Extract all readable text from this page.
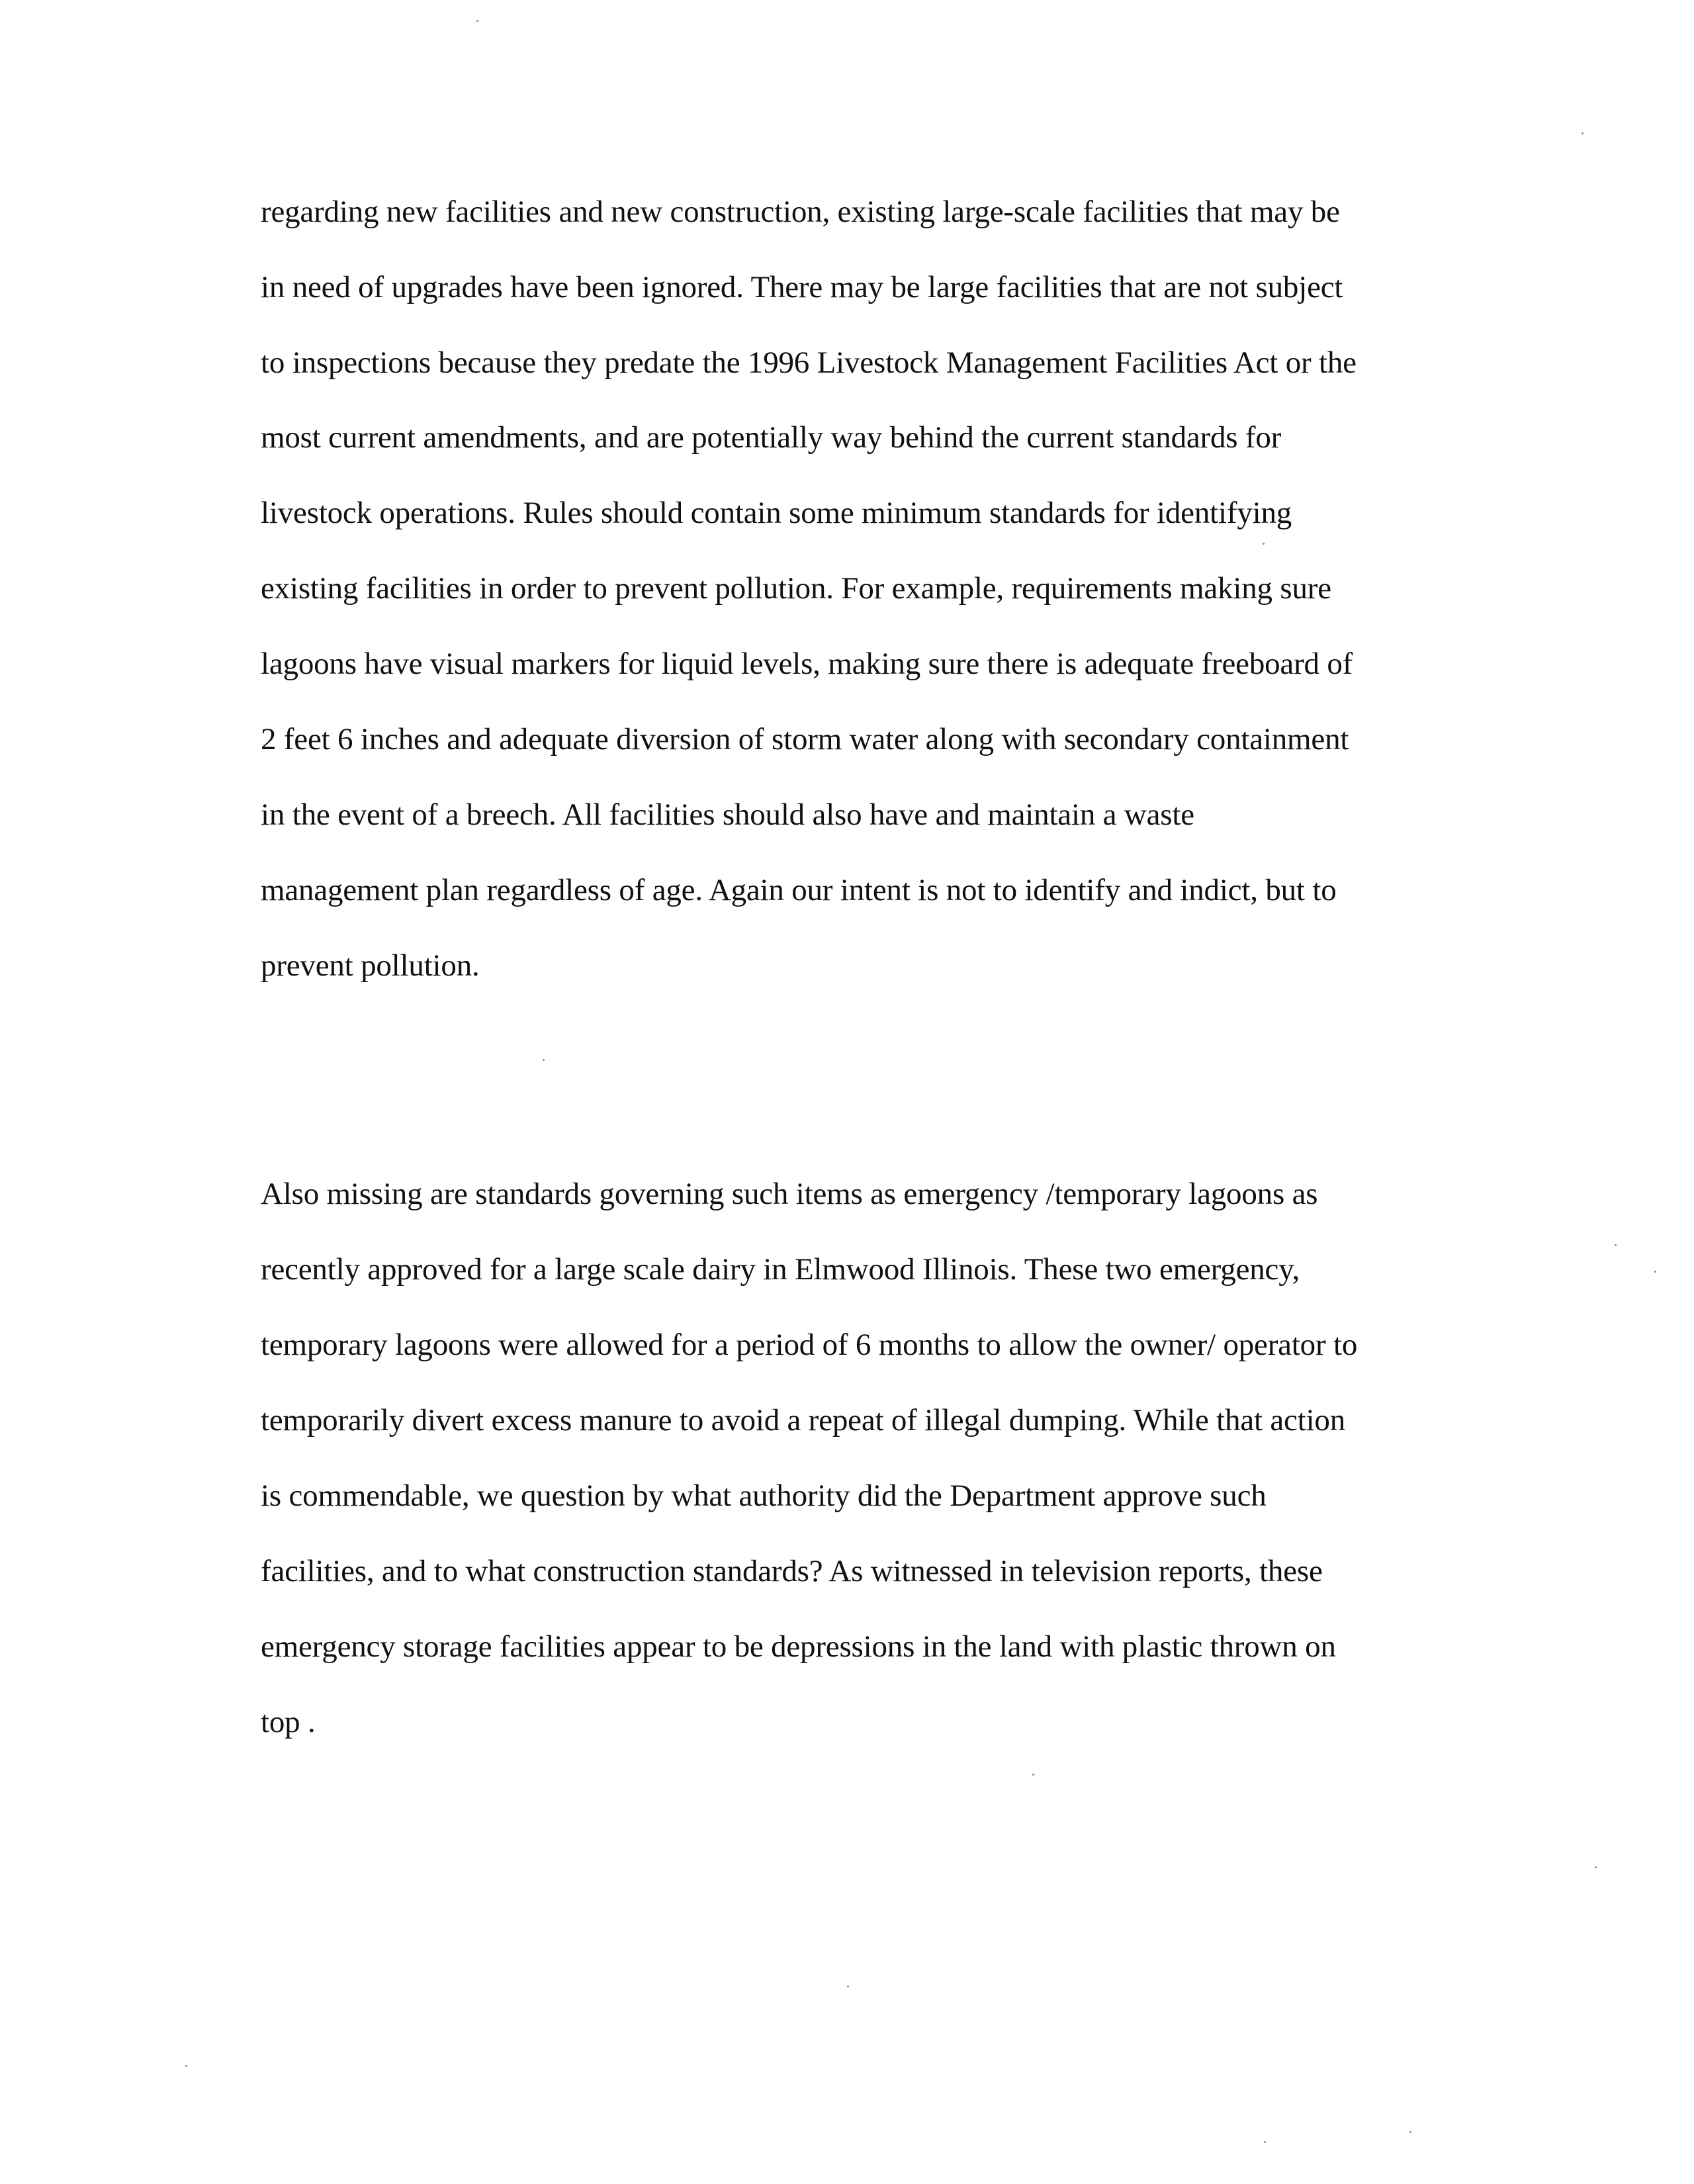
regarding new facilities and new construction, existing large-scale facilities that may be
in need of upgrades have been ignored. There may be large facilities that are not subject
to inspections because they predate the 1996 Livestock Management Facilities Act or the
most current amendments, and are potentially way behind the current standards for
livestock operations. Rules should contain some minimum standards for identifying
existing facilities in order to prevent pollution. For example, requirements making sure
lagoons have visual markers for liquid levels, making sure there is adequate freeboard of
2 feet 6 inches and adequate diversion of storm water along with secondary containment
in the event of a breech. All facilities should also have and maintain a waste
management plan regardless of age. Again our intent is not to identify and indict, but to
prevent pollution.
Also missing are standards governing such items as emergency /temporary lagoons as
recently approved for a large scale dairy in Elmwood Illinois. These two emergency,
temporary lagoons were allowed for a period of 6 months to allow the owner/ operator to
temporarily divert excess manure to avoid a repeat of illegal dumping. While that action
is commendable, we question by what authority did the Department approve such
facilities, and to what construction standards? As witnessed in television reports, these
emergency storage facilities appear to be depressions in the land with plastic thrown on
top .
